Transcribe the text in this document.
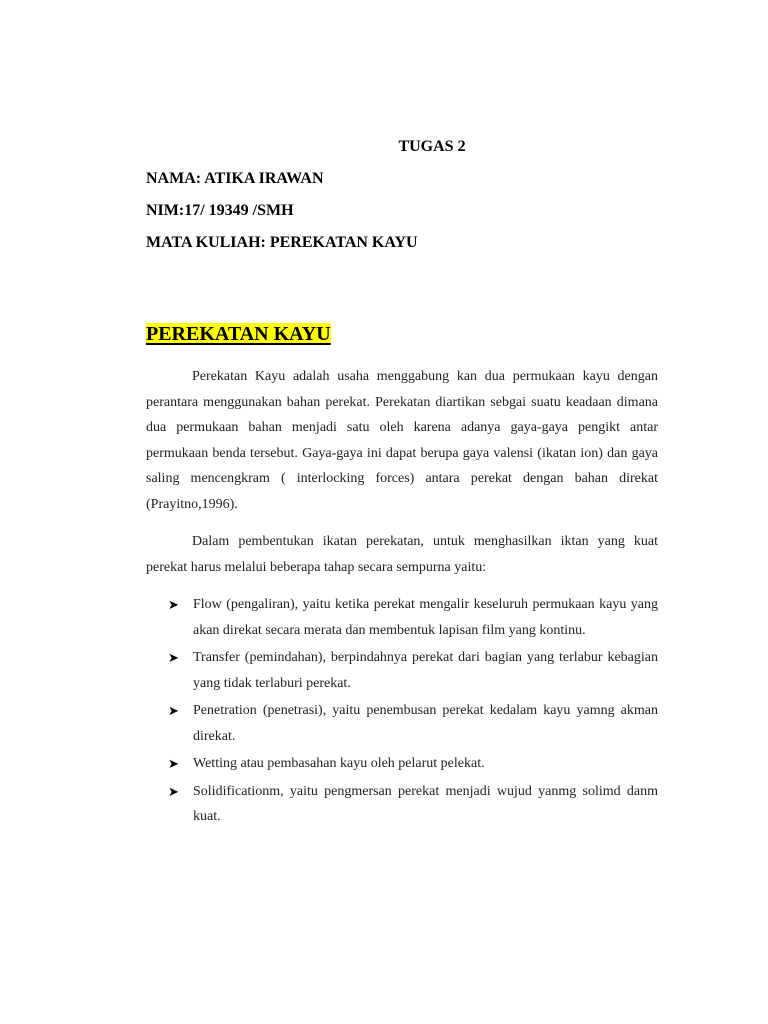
TUGAS 2

NAMA: ATIKA IRAWAN

NIM:17/ 19349 /SMH

MATA KULIAH: PEREKATAN KAYU

PEREKATAN KAYU

Perekatan Kayu adalah usaha menggabung kan dua permukaan kayu dengan perantara menggunakan bahan perekat. Perekatan diartikan sebgai suatu keadaan dimana dua permukaan bahan menjadi satu oleh karena adanya gaya-gaya pengikt antar permukaan benda tersebut. Gaya-gaya ini dapat berupa gaya valensi (ikatan ion) dan gaya saling mencengkram ( interlocking forces) antara perekat dengan bahan direkat (Prayitno,1996).

Dalam pembentukan ikatan perekatan, untuk menghasilkan iktan yang kuat perekat harus melalui beberapa tahap secara sempurna yaitu:

➤ Flow (pengaliran), yaitu ketika perekat mengalir keseluruh permukaan kayu yang akan direkat secara merata dan membentuk lapisan film yang kontinu.
➤ Transfer (pemindahan), berpindahnya perekat dari bagian yang terlabur kebagian yang tidak terlaburi perekat.
➤ Penetration (penetrasi), yaitu penembusan perekat kedalam kayu yamng akman direkat.
➤ Wetting atau pembasahan kayu oleh pelarut pelekat.
➤ Solidificationm, yaitu pengmersan perekat menjadi wujud yanmg solimd danm kuat.
